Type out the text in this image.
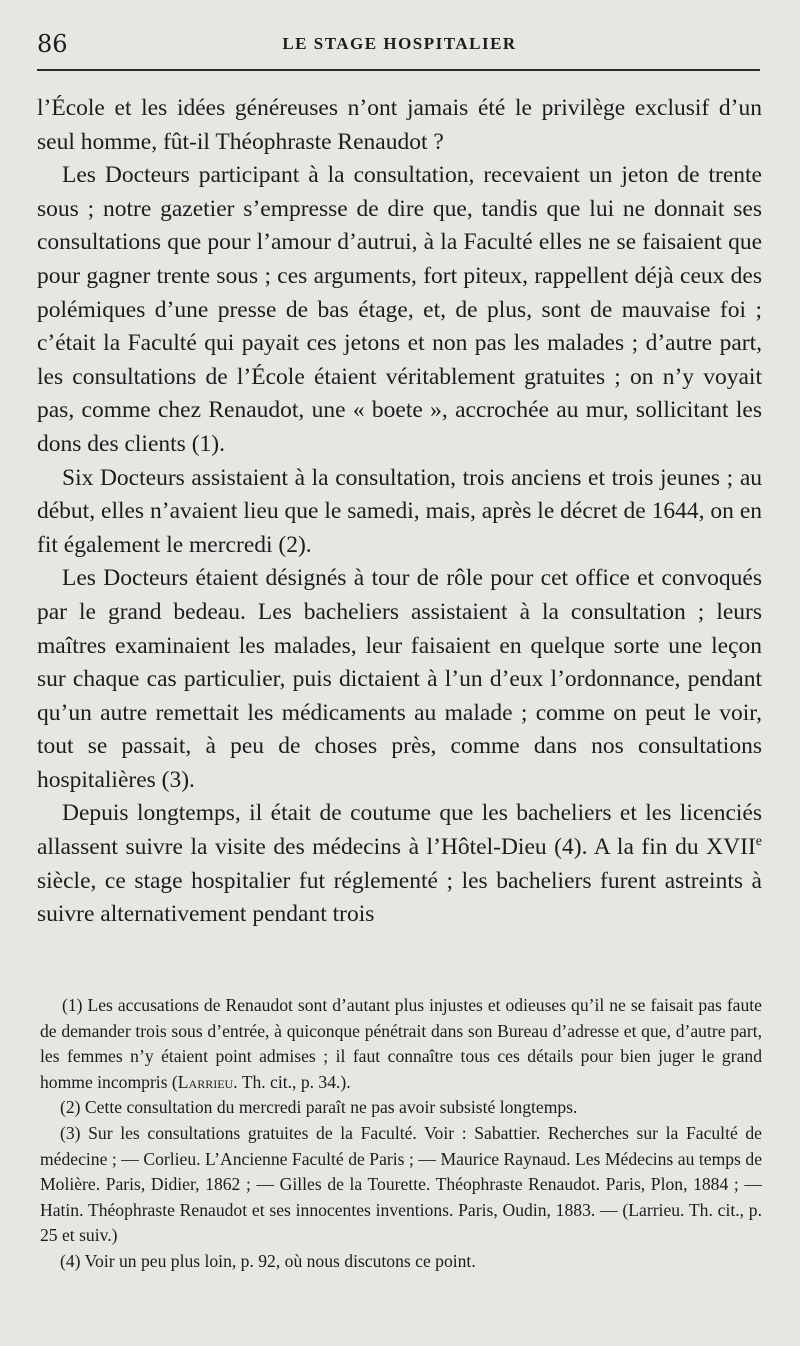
86	LE STAGE HOSPITALIER

l’École et les idées généreuses n’ont jamais été le privilège exclusif d’un seul homme, fût-il Théophraste Renaudot ?

Les Docteurs participant à la consultation, recevaient un jeton de trente sous ; notre gazetier s’empresse de dire que, tandis que lui ne donnait ses consultations que pour l’amour d’autrui, à la Faculté elles ne se faisaient que pour gagner trente sous ; ces arguments, fort piteux, rappellent déjà ceux des polémiques d’une presse de bas étage, et, de plus, sont de mauvaise foi ; c’était la Faculté qui payait ces jetons et non pas les malades ; d’autre part, les consultations de l’École étaient véritablement gratuites ; on n’y voyait pas, comme chez Renaudot, une « boete », accrochée au mur, sollicitant les dons des clients (1).

Six Docteurs assistaient à la consultation, trois anciens et trois jeunes ; au début, elles n’avaient lieu que le samedi, mais, après le décret de 1644, on en fit également le mercredi (2).

Les Docteurs étaient désignés à tour de rôle pour cet office et convoqués par le grand bedeau. Les bacheliers assistaient à la consultation ; leurs maîtres examinaient les malades, leur faisaient en quelque sorte une leçon sur chaque cas particulier, puis dictaient à l’un d’eux l’ordonnance, pendant qu’un autre remettait les médicaments au malade ; comme on peut le voir, tout se passait, à peu de choses près, comme dans nos consultations hospitalières (3).

Depuis longtemps, il était de coutume que les bacheliers et les licenciés allassent suivre la visite des médecins à l’Hôtel-Dieu (4). A la fin du XVIIe siècle, ce stage hospitalier fut réglementé ; les bacheliers furent astreints à suivre alternativement pendant trois

(1) Les accusations de Renaudot sont d’autant plus injustes et odieuses qu’il ne se faisait pas faute de demander trois sous d’entrée, à quiconque pénétrait dans son Bureau d’adresse et que, d’autre part, les femmes n’y étaient point admises ; il faut connaître tous ces détails pour bien juger le grand homme incompris (Larrieu. Th. cit., p. 34.).

(2) Cette consultation du mercredi paraît ne pas avoir subsisté longtemps.

(3) Sur les consultations gratuites de la Faculté. Voir : Sabattier. Recherches sur la Faculté de médecine ; — Corlieu. L’Ancienne Faculté de Paris ; — Maurice Raynaud. Les Médecins au temps de Molière. Paris, Didier, 1862 ; — Gilles de la Tourette. Théophraste Renaudot. Paris, Plon, 1884 ; — Hatin. Théophraste Renaudot et ses innocentes inventions. Paris, Oudin, 1883. — (Larrieu. Th. cit., p. 25 et suiv.)

(4) Voir un peu plus loin, p. 92, où nous discutons ce point.
